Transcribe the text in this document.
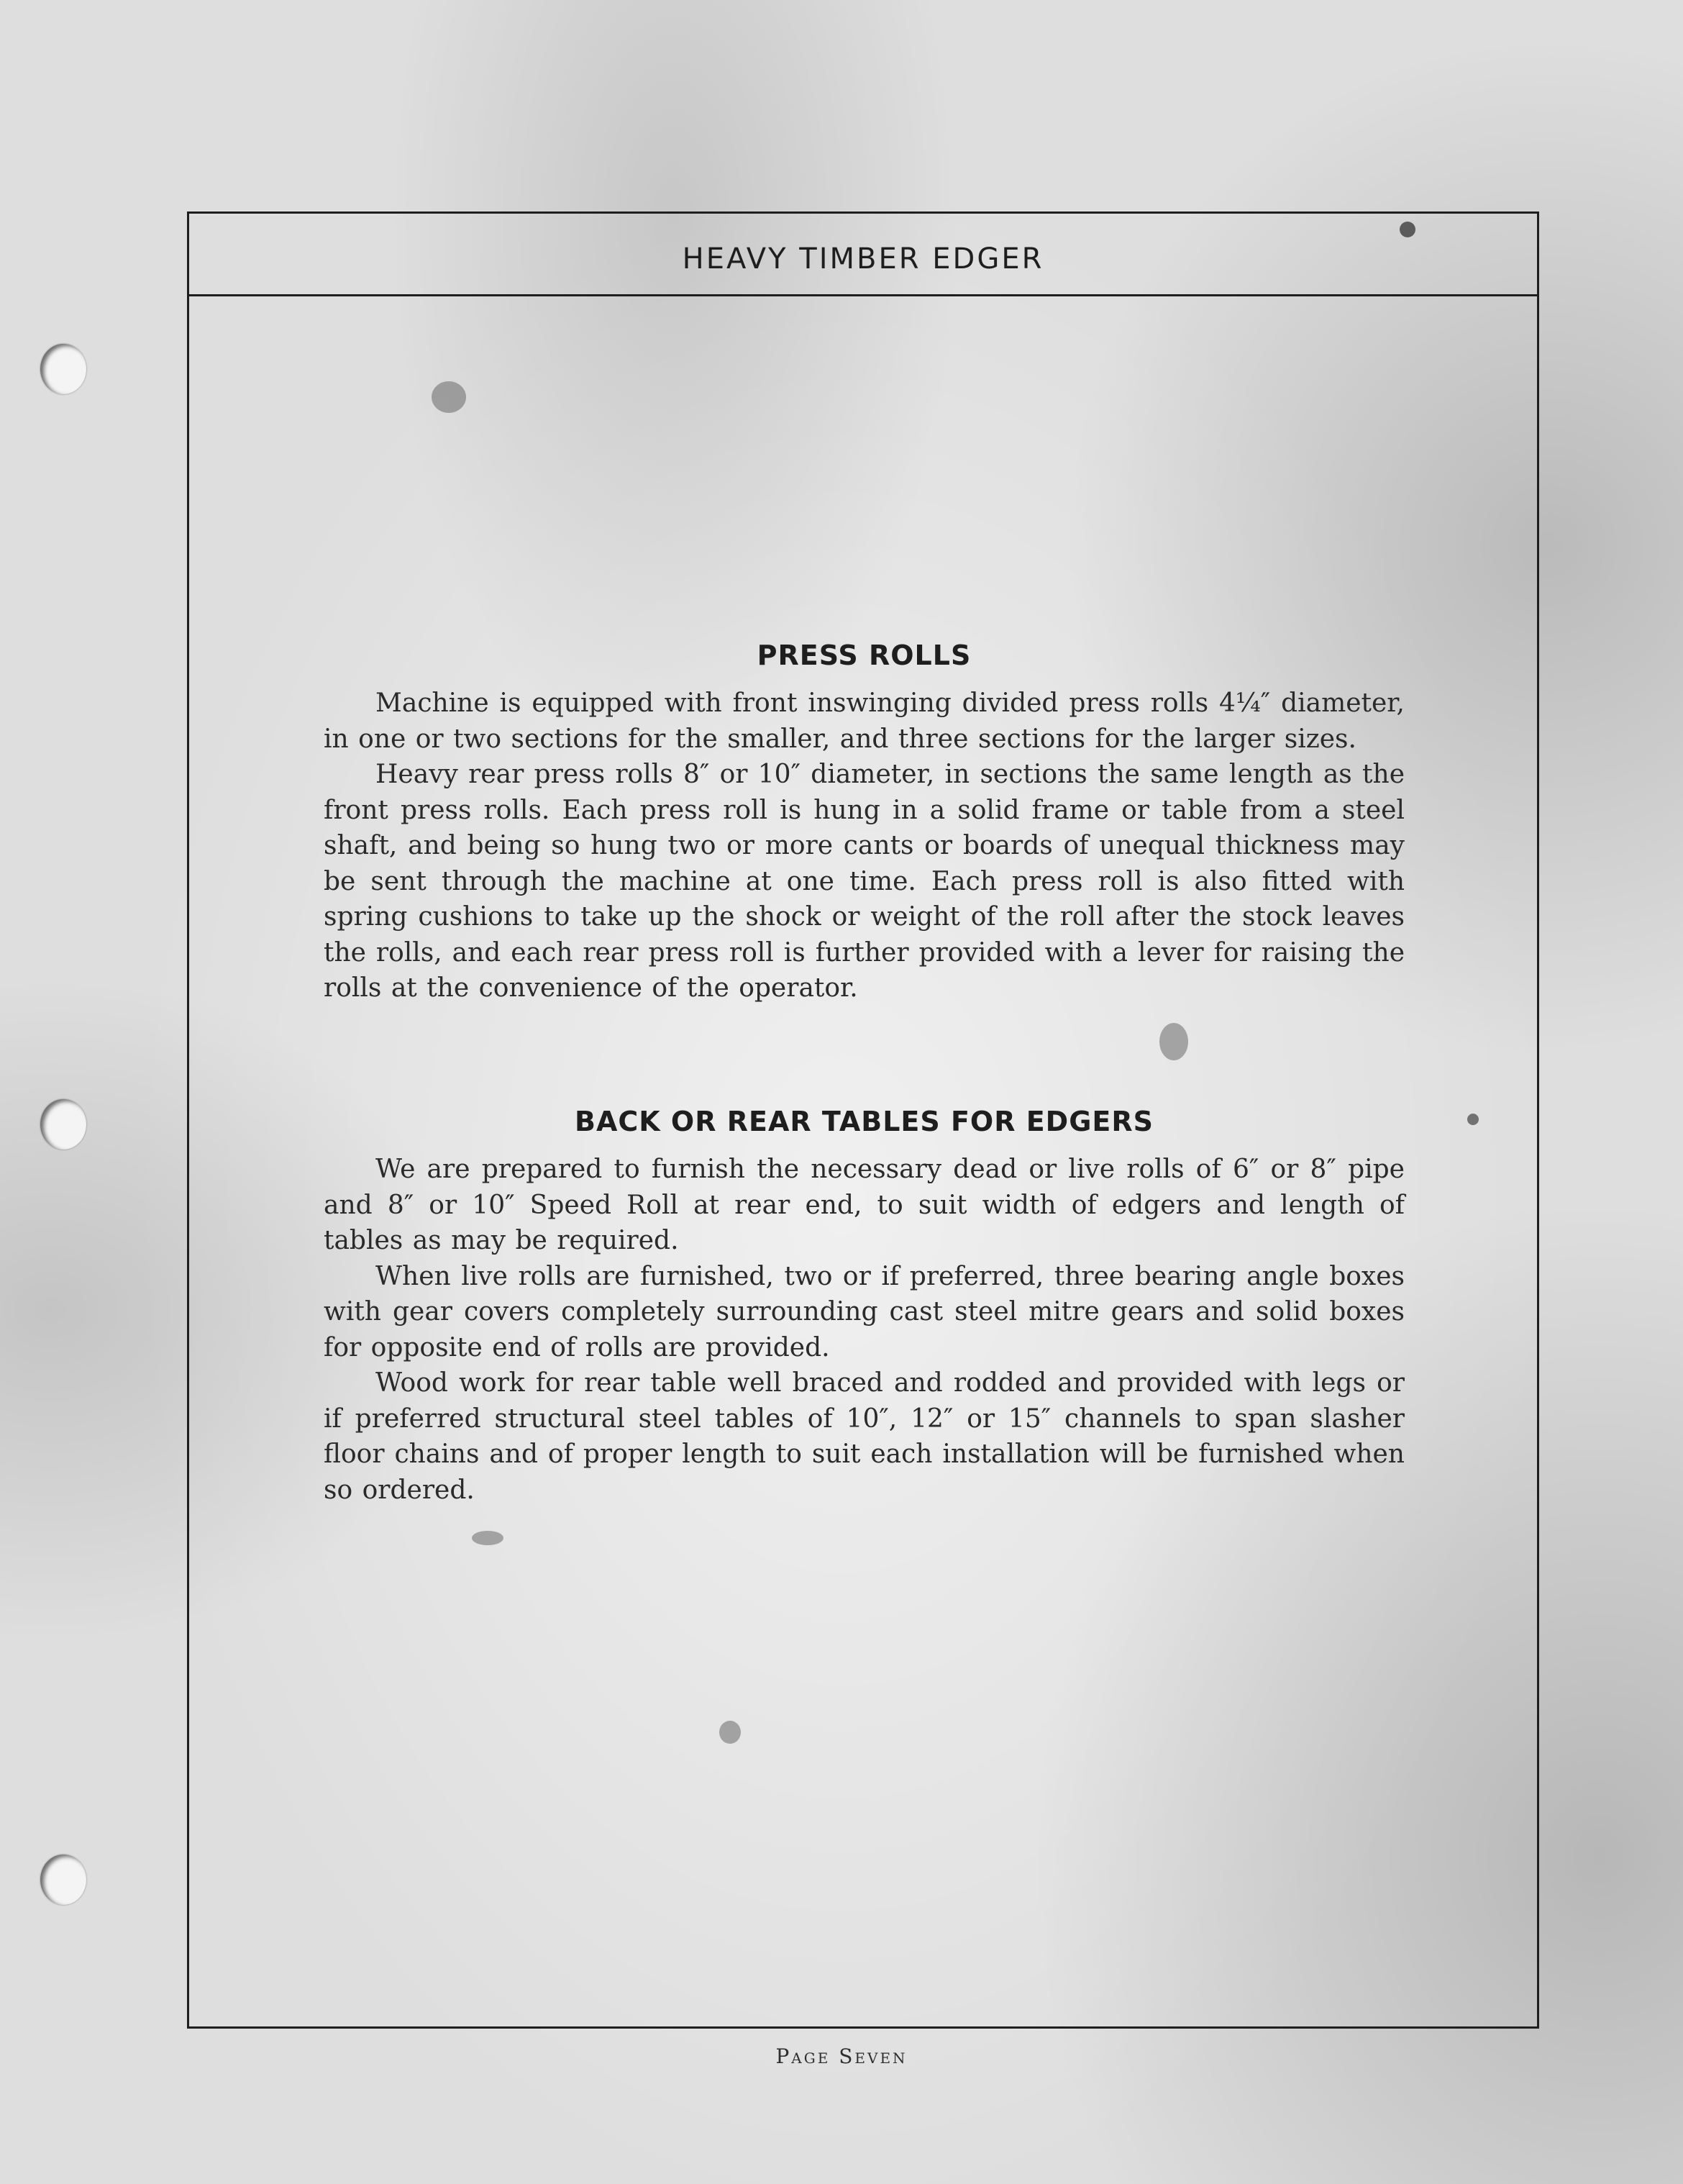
HEAVY TIMBER EDGER
PRESS ROLLS

Machine is equipped with front inswinging divided press rolls 4¼″ diameter, in one or two sections for the smaller, and three sections for the larger sizes.

Heavy rear press rolls 8″ or 10″ diameter, in sections the same length as the front press rolls. Each press roll is hung in a solid frame or table from a steel shaft, and being so hung two or more cants or boards of unequal thickness may be sent through the machine at one time. Each press roll is also fitted with spring cushions to take up the shock or weight of the roll after the stock leaves the rolls, and each rear press roll is further provided with a lever for raising the rolls at the convenience of the operator.

BACK OR REAR TABLES FOR EDGERS

We are prepared to furnish the necessary dead or live rolls of 6″ or 8″ pipe and 8″ or 10″ Speed Roll at rear end, to suit width of edgers and length of tables as may be required.

When live rolls are furnished, two or if preferred, three bearing angle boxes with gear covers completely surrounding cast steel mitre gears and solid boxes for opposite end of rolls are provided.

Wood work for rear table well braced and rodded and provided with legs or if preferred structural steel tables of 10″, 12″ or 15″ channels to span slasher floor chains and of proper length to suit each installation will be furnished when so ordered.

Page Seven
